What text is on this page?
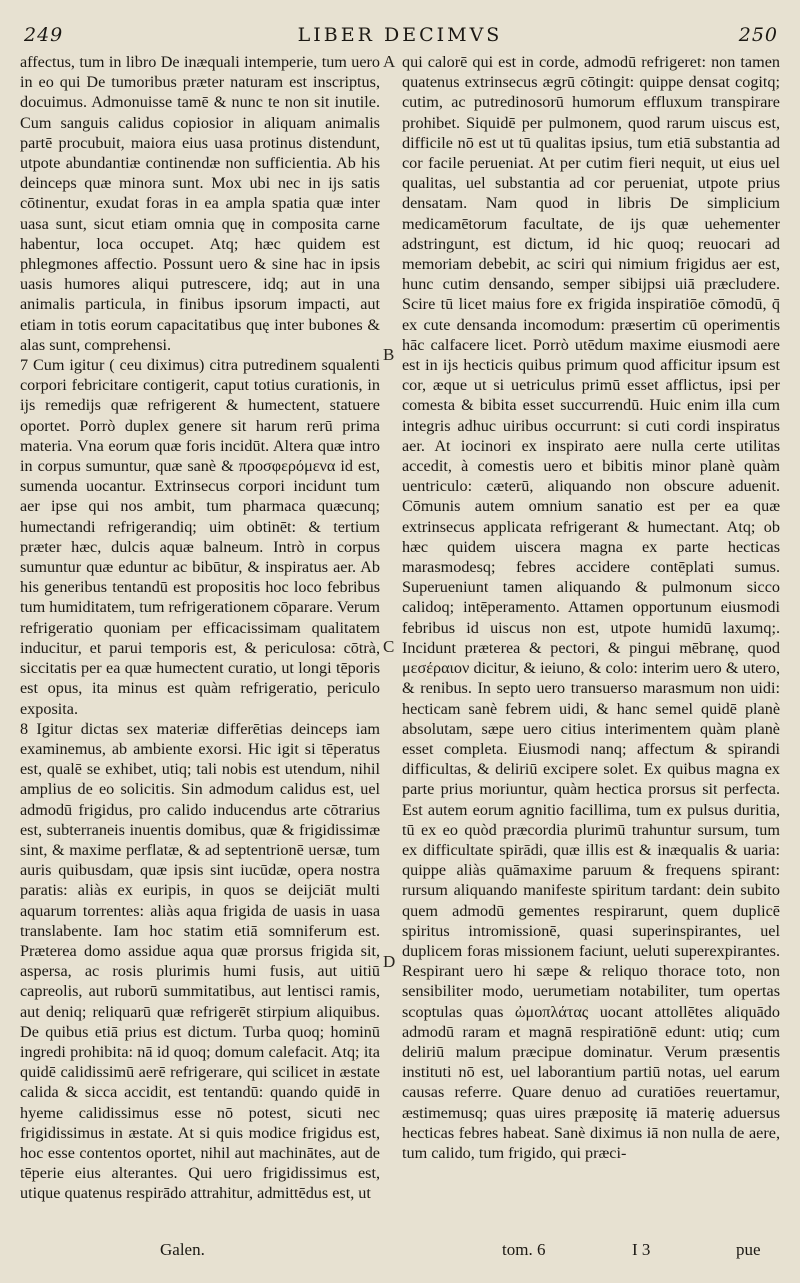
249	LIBER DECIMVS	250

affectus, tum in libro De inæquali intemperie, tum uero in eo qui De tumoribus præter naturam est inscriptus, docuimus. Admonuisse tamē & nunc te non sit inutile. Cum sanguis calidus copiosior in aliquam animalis partē procubuit, maiora eius uasa protinus distendunt, utpote abundantiæ continendæ non sufficientia. Ab his deinceps quæ minora sunt. Mox ubi nec in ijs satis cōtinentur, exudat foras in ea ampla spatia quæ inter uasa sunt, sicut etiam omnia quę in composita carne habentur, loca occupet. Atq; hæc quidem est phlegmones affectio. Possunt uero & sine hac in ipsis uasis humores aliqui putrescere, idq; aut in una animalis particula, in finibus ipsorum impacti, aut etiam in totis eorum capacitatibus quę inter bubones & alas sunt, comprehensi.

7 Cum igitur ( ceu diximus) citra putredinem squalenti corpori febricitare contigerit, caput totius curationis, in ijs remedijs quæ refrigerent & humectent, statuere oportet. Porrò duplex genere sit harum rerū prima materia. Vna eorum quæ foris incidūt. Altera quæ intro in corpus sumuntur, quæ sanè & προσφερόμενα id est, sumenda uocantur. Extrinsecus corpori incidunt tum aer ipse qui nos ambit, tum pharmaca quæcunq; humectandi refrigerandiq; uim obtinēt: & tertium præter hæc, dulcis aquæ balneum. Intrò in corpus sumuntur quæ eduntur ac bibūtur, & inspiratus aer. Ab his generibus tentandū est propositis hoc loco febribus tum humiditatem, tum refrigerationem cōparare. Verum refrigeratio quoniam per efficacissimam qualitatem inducitur, et parui temporis est, & periculosa: cōtrà, siccitatis per ea quæ humectent curatio, ut longi tēporis est opus, ita minus est quàm refrigeratio, periculo exposita.

8 Igitur dictas sex materiæ differētias deinceps iam examinemus, ab ambiente exorsi. Hic igit si tēperatus est, qualē se exhibet, utiq; tali nobis est utendum, nihil amplius de eo solicitis. Sin admodum calidus est, uel admodū frigidus, pro calido inducendus arte cōtrarius est, subterraneis inuentis domibus, quæ & frigidissimæ sint, & maxime perflatæ, & ad septentrionē uersæ, tum auris quibusdam, quæ ipsis sint iucūdæ, opera nostra paratis: aliàs ex euripis, in quos se deijciāt multi aquarum torrentes: aliàs aqua frigida de uasis in uasa translabente. Iam hoc statim etiā somniferum est. Præterea domo assidue aqua quæ prorsus frigida sit, aspersa, ac rosis plurimis humi fusis, aut uitiū capreolis, aut ruborū summitatibus, aut lentisci ramis, aut deniq; reliquarū quæ refrigerēt stirpium aliquibus. De quibus etiā prius est dictum. Turba quoq; hominū ingredi prohibita: nā id quoq; domum calefacit. Atq; ita quidē calidissimū aerē refrigerare, qui scilicet in æstate calida & sicca accidit, est tentandū: quando quidē in hyeme calidissimus esse nō potest, sicuti nec frigidissimus in æstate. At si quis modice frigidus est, hoc esse contentos oportet, nihil aut machinātes, aut de tēperie eius alterantes. Qui uero frigidissimus est, utique quatenus respirādo attrahitur, admittēdus est, ut

A
B
C
D

qui calorē qui est in corde, admodū refrigeret: non tamen quatenus extrinsecus ægrū cōtingit: quippe densat cogitq; cutim, ac putredinosorū humorum effluxum transpirare prohibet. Siquidē per pulmonem, quod rarum uiscus est, difficile nō est ut tū qualitas ipsius, tum etiā substantia ad cor facile perueniat. At per cutim fieri nequit, ut eius uel qualitas, uel substantia ad cor perueniat, utpote prius densatam. Nam quod in libris De simplicium medicamētorum facultate, de ijs quæ uehementer adstringunt, est dictum, id hic quoq; reuocari ad memoriam debebit, ac sciri qui nimium frigidus aer est, hunc cutim densando, semper sibijpsi uiā præcludere. Scire tū licet maius fore ex frigida inspiratiōe cōmodū, q̄ ex cute densanda incomodum: præsertim cū operimentis hāc calfacere licet. Porrò utēdum maxime eiusmodi aere est in ijs hecticis quibus primum quod afficitur ipsum est cor, æque ut si uetriculus primū esset afflictus, ipsi per comesta & bibita esset succurrendū. Huic enim illa cum integris adhuc uiribus occurrunt: si cuti cordi inspiratus aer. At iocinori ex inspirato aere nulla certe utilitas accedit, à comestis uero et bibitis minor planè quàm uentriculo: cæterū, aliquando non obscure aduenit. Cōmunis autem omnium sanatio est per ea quæ extrinsecus applicata refrigerant & humectant. Atq; ob hæc quidem uiscera magna ex parte hecticas marasmodesq; febres accidere contēplati sumus. Superueniunt tamen aliquando & pulmonum sicco calidoq; intēperamento. Attamen opportunum eiusmodi febribus id uiscus non est, utpote humidū laxumq;. Incidunt præterea & pectori, & pingui mēbranę, quod μεσέραιον dicitur, & ieiuno, & colo: interim uero & utero, & renibus. In septo uero transuerso marasmum non uidi: hecticam sanè febrem uidi, & hanc semel quidē planè absolutam, sæpe uero citius interimentem quàm planè esset completa. Eiusmodi nanq; affectum & spirandi difficultas, & deliriū excipere solet. Ex quibus magna ex parte prius moriuntur, quàm hectica prorsus sit perfecta. Est autem eorum agnitio facillima, tum ex pulsus duritia, tū ex eo quòd præcordia plurimū trahuntur sursum, tum ex difficultate spirādi, quæ illis est & inæqualis & uaria: quippe aliàs quāmaxime paruum & frequens spirant: rursum aliquando manifeste spiritum tardant: dein subito quem admodū gementes respirarunt, quem duplicē spiritus intromissionē, quasi superinspirantes, uel duplicem foras missionem faciunt, ueluti superexpirantes. Respirant uero hi sæpe & reliquo thorace toto, non sensibiliter modo, uerumetiam notabiliter, tum opertas scoptulas quas ὠμοπλάτας uocant attollētes aliquādo admodū raram et magnā respiratiōnē edunt: utiq; cum deliriū malum præcipue dominatur. Verum præsentis instituti nō est, uel laborantium partiū notas, uel earum causas referre. Quare denuo ad curatiōes reuertamur, æstimemusq; quas uires præpositę iā materię aduersus hecticas febres habeat. Sanè diximus iā non nulla de aere, tum calido, tum frigido, qui præci-

Galen.	tom. 6	I 3	pue
